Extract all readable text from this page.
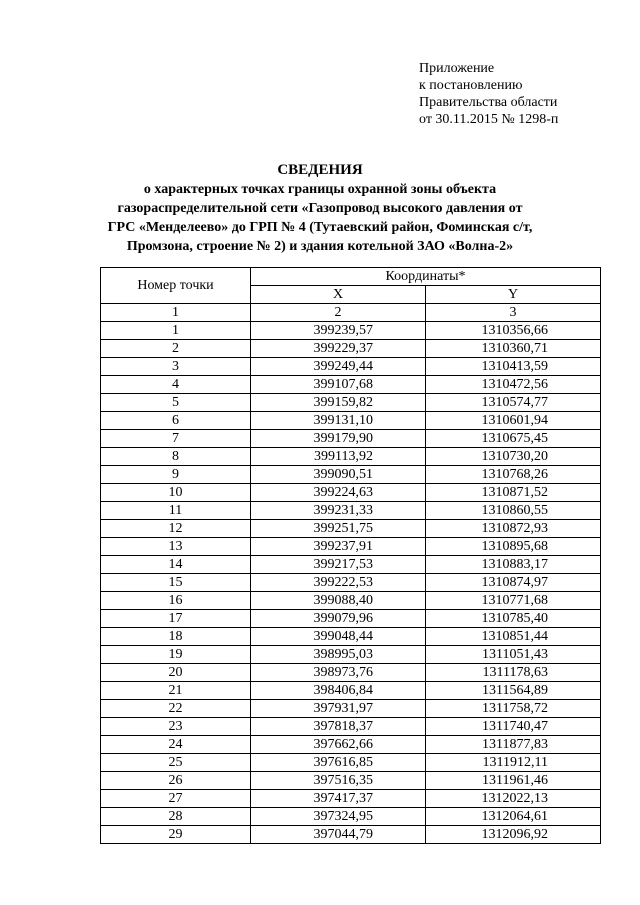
Приложение
к постановлению
Правительства области
от 30.11.2015 № 1298-п
СВЕДЕНИЯ
о характерных точках границы охранной зоны объекта
газораспределительной сети «Газопровод высокого давления от
ГРС «Менделеево» до ГРП № 4 (Тутаевский район, Фоминская с/т,
Промзона, строение № 2) и здания котельной ЗАО «Волна-2»
Номер точки	Координаты*	
	X	Y
1	2	3
1	399239,57	1310356,66
2	399229,37	1310360,71
3	399249,44	1310413,59
4	399107,68	1310472,56
5	399159,82	1310574,77
6	399131,10	1310601,94
7	399179,90	1310675,45
8	399113,92	1310730,20
9	399090,51	1310768,26
10	399224,63	1310871,52
11	399231,33	1310860,55
12	399251,75	1310872,93
13	399237,91	1310895,68
14	399217,53	1310883,17
15	399222,53	1310874,97
16	399088,40	1310771,68
17	399079,96	1310785,40
18	399048,44	1310851,44
19	398995,03	1311051,43
20	398973,76	1311178,63
21	398406,84	1311564,89
22	397931,97	1311758,72
23	397818,37	1311740,47
24	397662,66	1311877,83
25	397616,85	1311912,11
26	397516,35	1311961,46
27	397417,37	1312022,13
28	397324,95	1312064,61
29	397044,79	1312096,92
